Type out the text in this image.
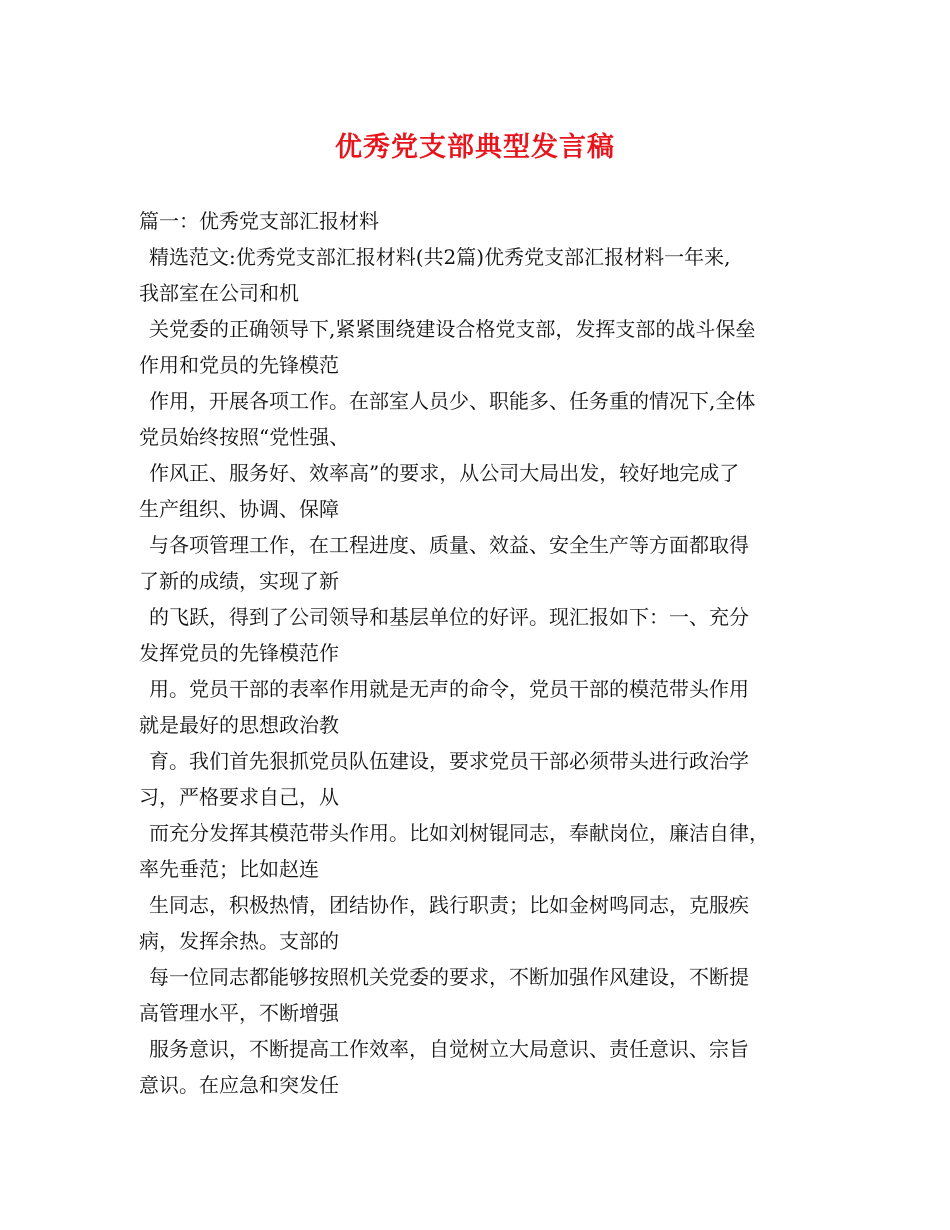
优秀党支部典型发言稿
篇一：优秀党支部汇报材料
精选范文:优秀党支部汇报材料(共2篇)优秀党支部汇报材料一年来,
我部室在公司和机
关党委的正确领导下,紧紧围绕建设合格党支部，发挥支部的战斗保垒
作用和党员的先锋模范
作用，开展各项工作。在部室人员少、职能多、任务重的情况下,全体
党员始终按照“党性强、
作风正、服务好、效率高”的要求，从公司大局出发，较好地完成了
生产组织、协调、保障
与各项管理工作，在工程进度、质量、效益、安全生产等方面都取得
了新的成绩，实现了新
的飞跃，得到了公司领导和基层单位的好评。现汇报如下：一、充分
发挥党员的先锋模范作
用。党员干部的表率作用就是无声的命令，党员干部的模范带头作用
就是最好的思想政治教
育。我们首先狠抓党员队伍建设，要求党员干部必须带头进行政治学
习，严格要求自己，从
而充分发挥其模范带头作用。比如刘树锟同志，奉献岗位，廉洁自律，
率先垂范；比如赵连
生同志，积极热情，团结协作，践行职责；比如金树鸣同志，克服疾
病，发挥余热。支部的
每一位同志都能够按照机关党委的要求，不断加强作风建设，不断提
高管理水平，不断增强
服务意识，不断提高工作效率，自觉树立大局意识、责任意识、宗旨
意识。在应急和突发任
